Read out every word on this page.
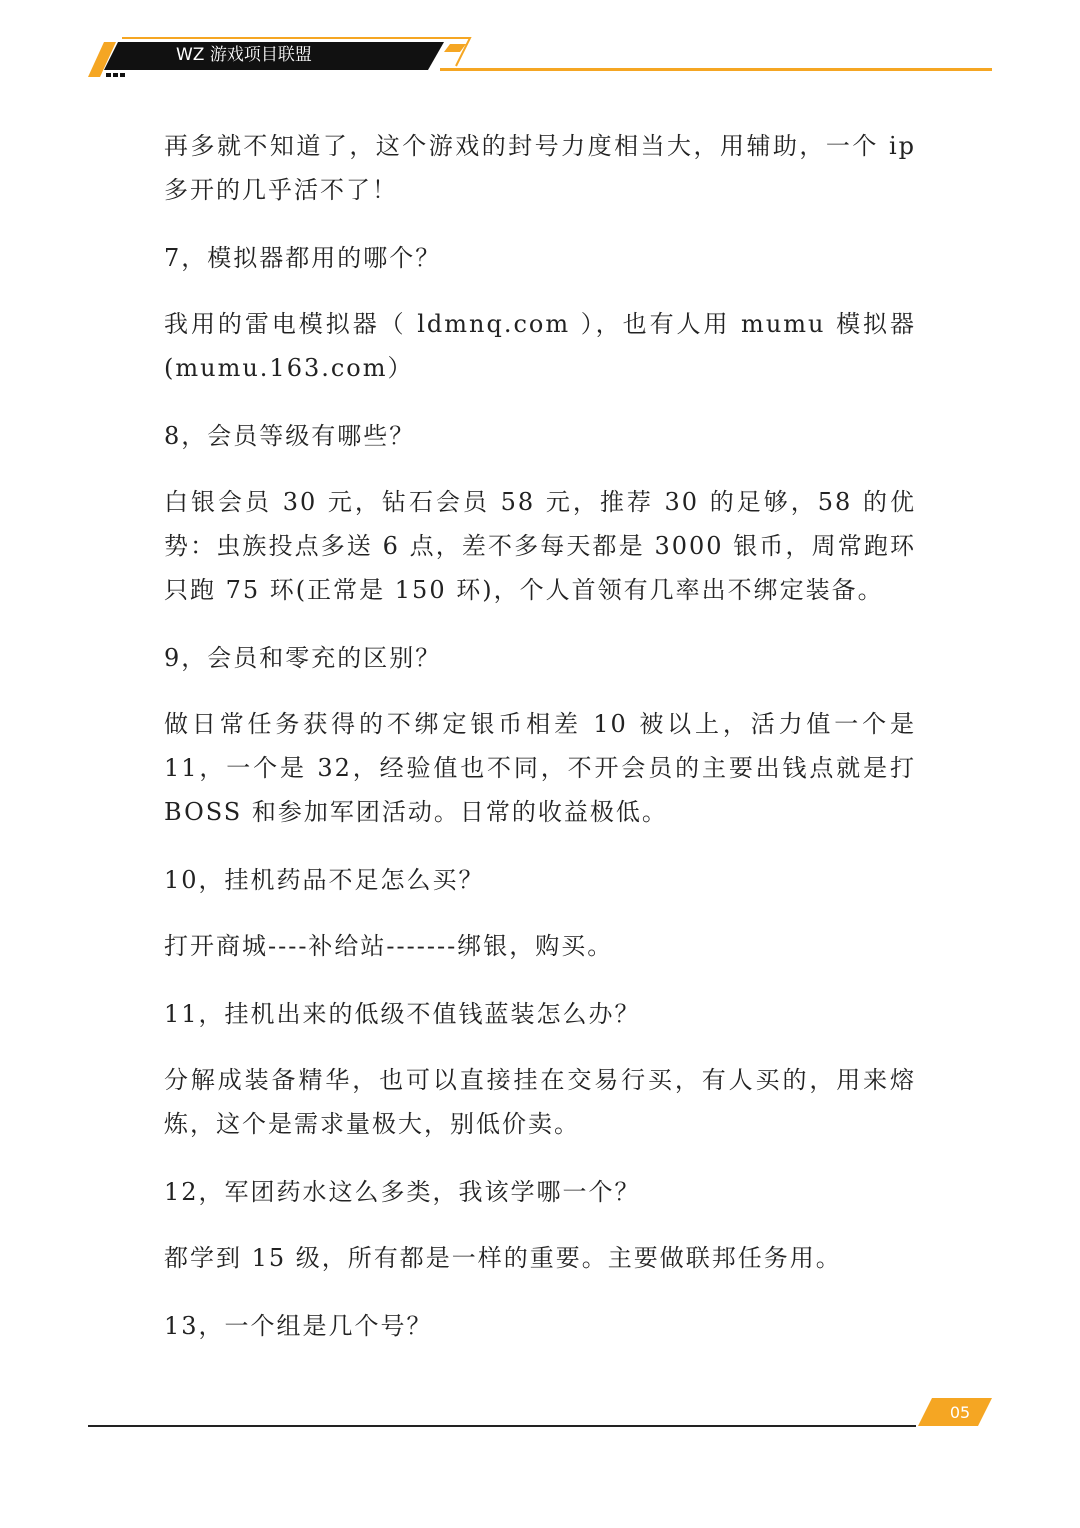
WZ 游戏项目联盟

再多就不知道了，这个游戏的封号力度相当大，用辅助，一个 ip 多开的几乎活不了！

7，模拟器都用的哪个？

我用的雷电模拟器（ ldmnq.com ），也有人用 mumu 模拟器(mumu.163.com）

8，会员等级有哪些？

白银会员 30 元，钻石会员 58 元，推荐 30 的足够，58 的优势：虫族投点多送 6 点，差不多每天都是 3000 银币，周常跑环只跑 75 环(正常是 150 环)，个人首领有几率出不绑定装备。

9，会员和零充的区别？

做日常任务获得的不绑定银币相差 10 被以上，活力值一个是 11，一个是 32，经验值也不同，不开会员的主要出钱点就是打 BOSS 和参加军团活动。日常的收益极低。

10，挂机药品不足怎么买？

打开商城----补给站-------绑银，购买。

11，挂机出来的低级不值钱蓝装怎么办？

分解成装备精华，也可以直接挂在交易行买，有人买的，用来熔炼，这个是需求量极大，别低价卖。

12，军团药水这么多类，我该学哪一个？

都学到 15 级，所有都是一样的重要。主要做联邦任务用。

13，一个组是几个号？

05
